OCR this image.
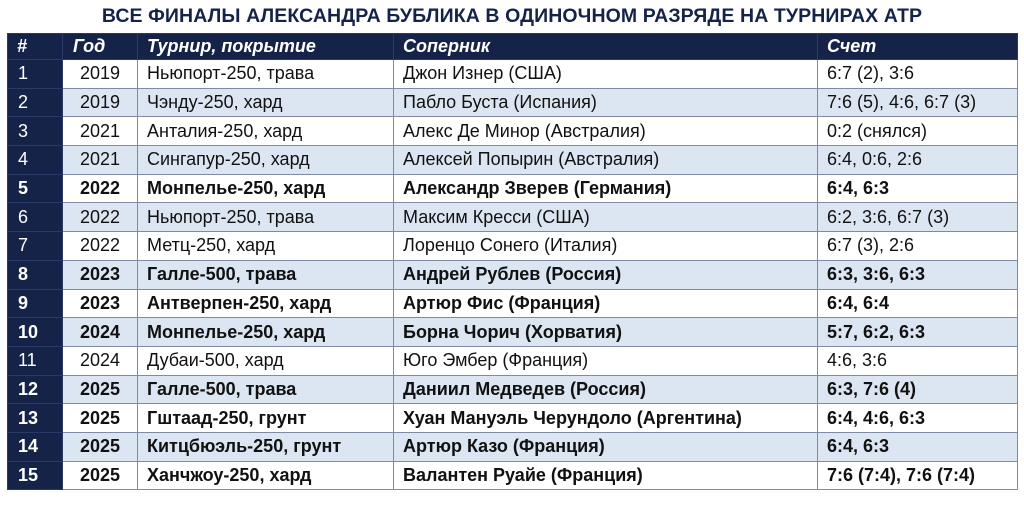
ВСЕ ФИНАЛЫ АЛЕКСАНДРА БУБЛИКА В ОДИНОЧНОМ РАЗРЯДЕ НА ТУРНИРАХ АТР
#	Год	Турнир, покрытие	Соперник	Счет
1	2019	Ньюпорт-250, трава	Джон Изнер (США)	6:7 (2), 3:6
2	2019	Чэнду-250, хард	Пабло Буста (Испания)	7:6 (5), 4:6, 6:7 (3)
3	2021	Анталия-250, хард	Алекс Де Минор (Австралия)	0:2 (снялся)
4	2021	Сингапур-250, хард	Алексей Попырин (Австралия)	6:4, 0:6, 2:6
5	2022	Монпелье-250, хард	Александр Зверев (Германия)	6:4, 6:3
6	2022	Ньюпорт-250, трава	Максим Кресси (США)	6:2, 3:6, 6:7 (3)
7	2022	Метц-250, хард	Лоренцо Сонего (Италия)	6:7 (3), 2:6
8	2023	Галле-500, трава	Андрей Рублев (Россия)	6:3, 3:6, 6:3
9	2023	Антверпен-250, хард	Артюр Фис (Франция)	6:4, 6:4
10	2024	Монпелье-250, хард	Борна Чорич (Хорватия)	5:7, 6:2, 6:3
11	2024	Дубаи-500, хард	Юго Эмбер (Франция)	4:6, 3:6
12	2025	Галле-500, трава	Даниил Медведев (Россия)	6:3, 7:6 (4)
13	2025	Гштаад-250, грунт	Хуан Мануэль Черундоло (Аргентина)	6:4, 4:6, 6:3
14	2025	Китцбюэль-250, грунт	Артюр Казо (Франция)	6:4, 6:3
15	2025	Ханчжоу-250, хард	Валантен Руайе (Франция)	7:6 (7:4), 7:6 (7:4)
